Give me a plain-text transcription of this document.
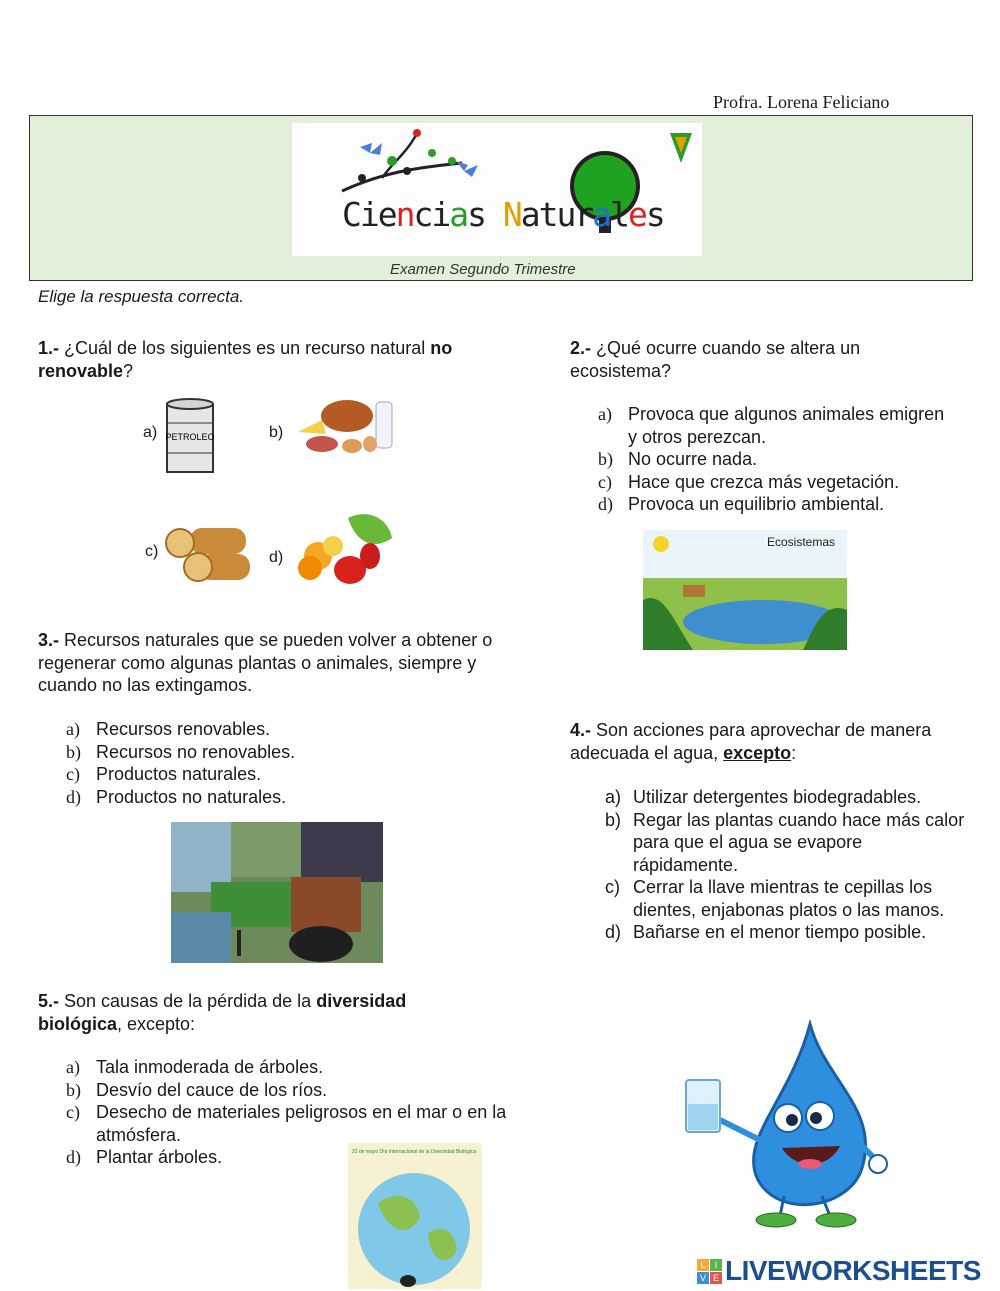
Profra. Lorena Feliciano
Ciencias Naturales
Examen Segundo Trimestre
Elige la respuesta correcta.
1.- ¿Cuál de los siguientes es un recurso natural no renovable?
a) PETROLEO	b)
c)	d)
2.- ¿Qué ocurre cuando se altera un ecosistema?
a) Provoca que algunos animales emigren y otros perezcan.
b) No ocurre nada.
c) Hace que crezca más vegetación.
d) Provoca un equilibrio ambiental.
Ecosistemas
3.- Recursos naturales que se pueden volver a obtener o regenerar como algunas plantas o animales, siempre y cuando no las extingamos.
a) Recursos renovables.
b) Recursos no renovables.
c) Productos naturales.
d) Productos no naturales.
4.- Son acciones para aprovechar de manera adecuada el agua, excepto:
a) Utilizar detergentes biodegradables.
b) Regar las plantas cuando hace más calor para que el agua se evapore rápidamente.
c) Cerrar la llave mientras te cepillas los dientes, enjabonas platos o las manos.
d) Bañarse en el menor tiempo posible.
5.- Son causas de la pérdida de la diversidad biológica, excepto:
a) Tala inmoderada de árboles.
b) Desvío del cauce de los ríos.
c) Desecho de materiales peligrosos en el mar o en la atmósfera.
d) Plantar árboles.	22 de mayo Día Internacional de la Diversidad Biológica
L	I
V E LIVEWORKSHEETS
